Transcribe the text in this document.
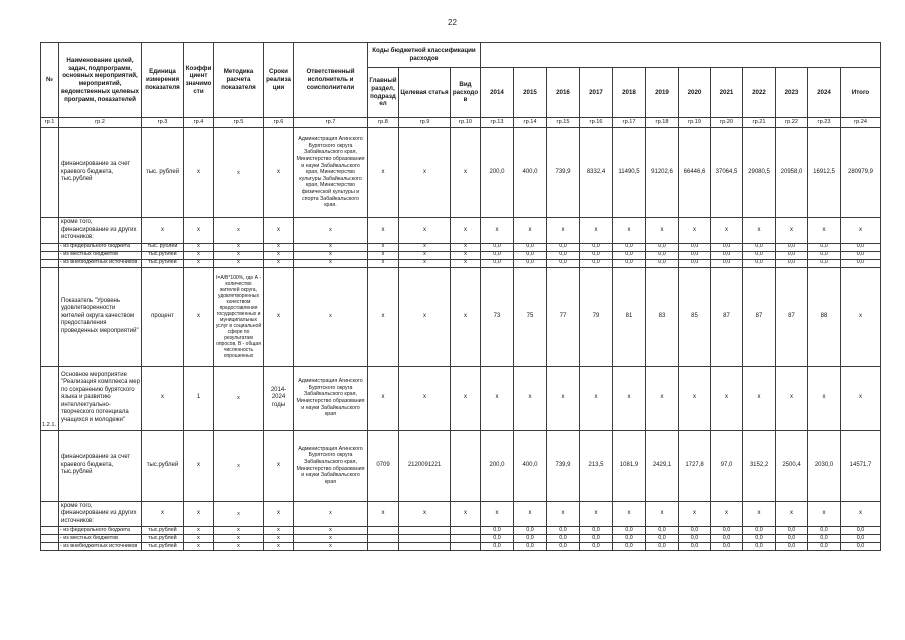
22
№	Наименование целей, задач, подпрограмм, основных мероприятий, мероприятий, ведомственных целевых программ, показателей	Единица измерения показателя	Коэффициент значимости	Методика расчета показателя	Сроки реализации	Ответственный исполнитель и соисполнители	Коды бюджетной классификации расходов														
							Главный раздел, подраздел	Целевая статья	Вид расходов	2014	2015	2016	2017	2018	2019	2020	2021	2022	2023	2024	Итого
гр.1	гр.2	гр.3	гр.4	гр.5	гр.6	гр.7	гр.8	гр.9	гр.10	гр.13	гр.14	гр.15	гр.16	гр.17	гр.18	гр.19	гр.20	гр.21	гр.22	гр.23	гр.24
	финансирование за счет краевого бюджета, тыс.рублей	тыс. рублей	x	x	x	Администрация Агинского Бурятского округа Забайкальского края, Министерство образования и науки Забайкальского края, Министерство культуры Забайкальского края, Министерство физической культуры и спорта Забайкальского края.	x	x	x	200,0	400,0	739,9	8332,4	11490,5	91202,6	66446,6	37064,5	29080,5	20958,0	16912,5	280979,9
	кроме того, финансирование из других источников:	x	x	x	x	x	x	x	x	x	x	x	x	x	x	x	x	x	x	x	x
	- из федерального бюджета	тыс. рублей	x	x	x	x	x	x	x	0,0	0,0	0,0	0,0	0,0	0,0	0,0	0,0	0,0	0,0	0,0	0,0
	- из местных бюджетов	тыс.рублей	x	x	x	x	x	x	x	0,0	0,0	0,0	0,0	0,0	0,0	0,0	0,0	0,0	0,0	0,0	0,0
	- из внебюджетных источников	тыс.рублей	x	x	x	x	x	x	x	0,0	0,0	0,0	0,0	0,0	0,0	0,0	0,0	0,0	0,0	0,0	0,0
	Показатель "Уровень удовлетворенности жителей округа качеством предоставления проведенных мероприятий"	процент	x	I=A/B*100%, где А - количество жителей округа, удовлетворенных качеством предоставления государственных и муниципальных услуг в социальной сфере по результатам опросов, В - общая численность опрошенных	x	x	x	x	x	73	75	77	79	81	83	85	87	87	87	88	x
1.2.1.	Основное мероприятие "Реализация комплекса мер по сохранению бурятского языка и развитию интеллектуально-творческого потенциала учащихся и молодежи"	x	1	x	2014-2024 годы	Администрация Агинского Бурятского округа Забайкальского края, Министерство образования и науки Забайкальского края	x	x	x	x	x	x	x	x	x	x	x	x	x	x	x
	финансирование за счет краевого бюджета, тыс.рублей	тыс.рублей	x	x	x	Администрация Агинского Бурятского округа Забайкальского края, Министерство образования и науки Забайкальского края	0709	2120091221		200,0	400,0	739,9	213,5	1081,9	2429,1	1727,8	97,0	3152,2	2500,4	2030,0	14571,7
	кроме того, финансирование из других источников:	x	x	x	x	x	x	x	x	x	x	x	x	x	x	x	x	x	x	x	x
	- из федерального бюджета	тыс.рублей	x	x	x	x				0,0	0,0	0,0	0,0	0,0	0,0	0,0	0,0	0,0	0,0	0,0	0,0
	- из местных бюджетов	тыс.рублей	x	x	x	x				0,0	0,0	0,0	0,0	0,0	0,0	0,0	0,0	0,0	0,0	0,0	0,0
	- из внебюджетных источников	тыс.рублей	x	x	x	x				0,0	0,0	0,0	0,0	0,0	0,0	0,0	0,0	0,0	0,0	0,0	0,0
